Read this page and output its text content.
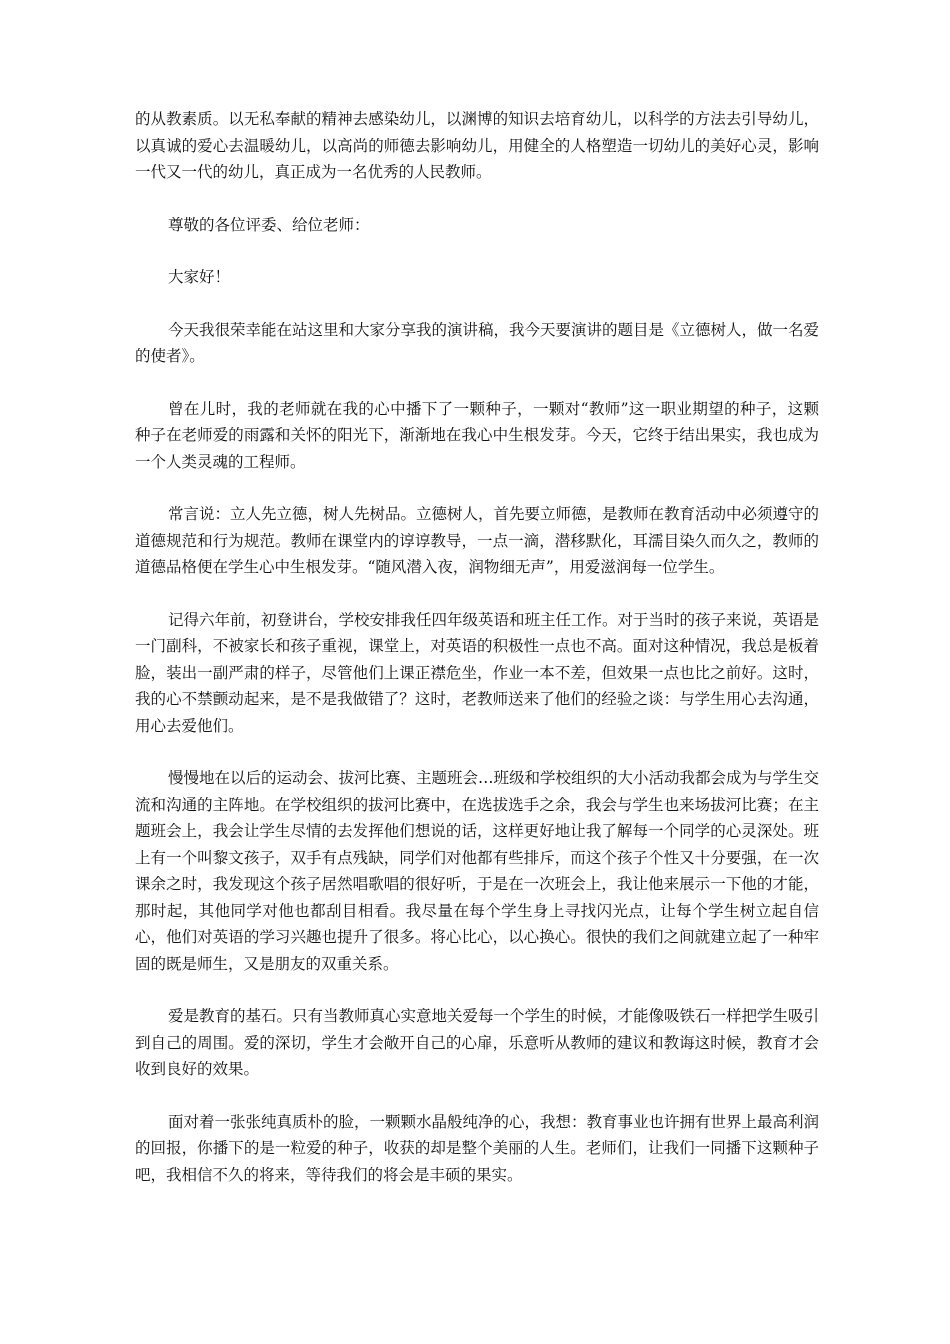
的从教素质。以无私奉献的精神去感染幼儿，以渊博的知识去培育幼儿，以科学的方法去引导幼儿，以真诚的爱心去温暖幼儿，以高尚的师德去影响幼儿，用健全的人格塑造一切幼儿的美好心灵，影响一代又一代的幼儿，真正成为一名优秀的人民教师。

尊敬的各位评委、给位老师：

大家好！

今天我很荣幸能在站这里和大家分享我的演讲稿，我今天要演讲的题目是《立德树人，做一名爱的使者》。

曾在儿时，我的老师就在我的心中播下了一颗种子，一颗对“教师”这一职业期望的种子，这颗种子在老师爱的雨露和关怀的阳光下，渐渐地在我心中生根发芽。今天，它终于结出果实，我也成为一个人类灵魂的工程师。

常言说：立人先立德，树人先树品。立德树人，首先要立师德，是教师在教育活动中必须遵守的道德规范和行为规范。教师在课堂内的谆谆教导，一点一滴，潜移默化，耳濡目染久而久之，教师的道德品格便在学生心中生根发芽。“随风潜入夜，润物细无声”，用爱滋润每一位学生。

记得六年前，初登讲台，学校安排我任四年级英语和班主任工作。对于当时的孩子来说，英语是一门副科，不被家长和孩子重视，课堂上，对英语的积极性一点也不高。面对这种情况，我总是板着脸，装出一副严肃的样子，尽管他们上课正襟危坐，作业一本不差，但效果一点也比之前好。这时，我的心不禁颤动起来，是不是我做错了？这时，老教师送来了他们的经验之谈：与学生用心去沟通，用心去爱他们。

慢慢地在以后的运动会、拔河比赛、主题班会…班级和学校组织的大小活动我都会成为与学生交流和沟通的主阵地。在学校组织的拔河比赛中，在选拔选手之余，我会与学生也来场拔河比赛；在主题班会上，我会让学生尽情的去发挥他们想说的话，这样更好地让我了解每一个同学的心灵深处。班上有一个叫黎文孩子，双手有点残缺，同学们对他都有些排斥，而这个孩子个性又十分要强，在一次课余之时，我发现这个孩子居然唱歌唱的很好听，于是在一次班会上，我让他来展示一下他的才能，那时起，其他同学对他也都刮目相看。我尽量在每个学生身上寻找闪光点，让每个学生树立起自信心，他们对英语的学习兴趣也提升了很多。将心比心，以心换心。很快的我们之间就建立起了一种牢固的既是师生，又是朋友的双重关系。

爱是教育的基石。只有当教师真心实意地关爱每一个学生的时候，才能像吸铁石一样把学生吸引到自己的周围。爱的深切，学生才会敞开自己的心扉，乐意听从教师的建议和教诲这时候，教育才会收到良好的效果。

面对着一张张纯真质朴的脸，一颗颗水晶般纯净的心，我想：教育事业也许拥有世界上最高利润的回报，你播下的是一粒爱的种子，收获的却是整个美丽的人生。老师们，让我们一同播下这颗种子吧，我相信不久的将来，等待我们的将会是丰硕的果实。
